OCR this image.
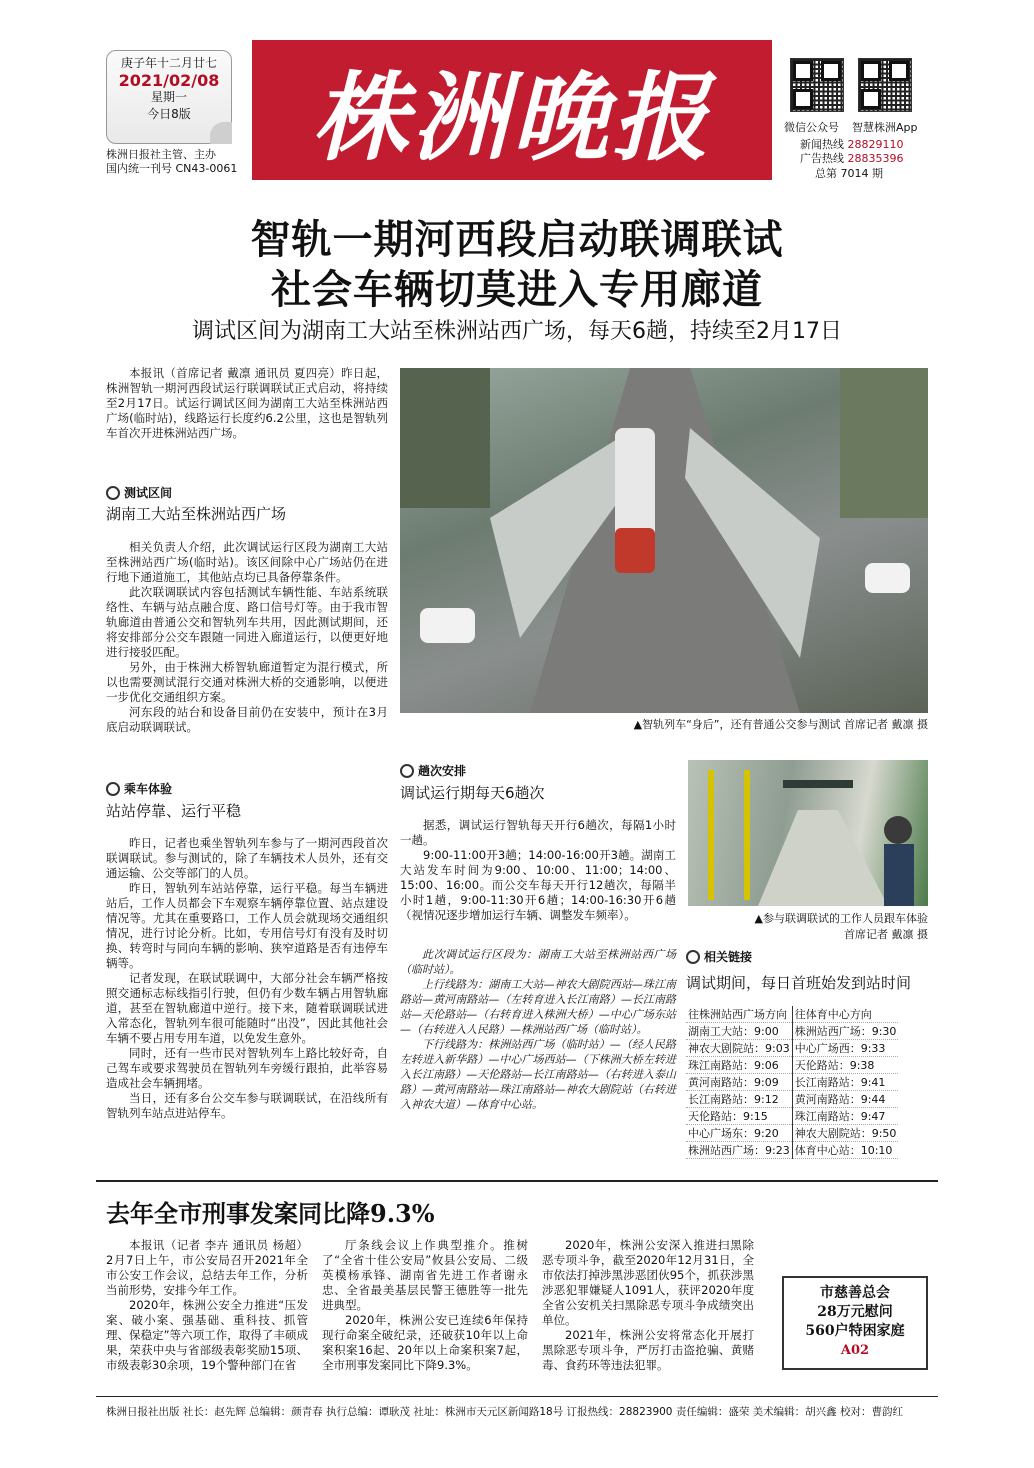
庚子年十二月廿七
2021/02/08
星期一
今日8版
株洲日报社主管、主办
国内统一刊号 CN43-0061 株洲晚报	微信公众号 智慧株洲App
新闻热线 28829110
广告热线 28835396
总第 7014 期
智轨一期河西段启动联调联试
社会车辆切莫进入专用廊道
调试区间为湖南工大站至株洲站西广场，每天6趟，持续至2月17日

本报讯（首席记者 戴凛 通讯员 夏四亮）昨日起，株洲智轨一期河西段试运行联调联试正式启动，将持续至2月17日。试运行调试区间为湖南工大站至株洲站西广场(临时站)，线路运行长度约6.2公里，这也是智轨列车首次开进株洲站西广场。

测试区间
湖南工大站至株洲站西广场

相关负责人介绍，此次调试运行区段为湖南工大站至株洲站西广场(临时站)。该区间除中心广场站仍在进行地下通道施工，其他站点均已具备停靠条件。

此次联调联试内容包括测试车辆性能、车站系统联络性、车辆与站点融合度、路口信号灯等。由于我市智轨廊道由普通公交和智轨列车共用，因此测试期间，还将安排部分公交车跟随一同进入廊道运行，以便更好地进行接驳匹配。

另外，由于株洲大桥智轨廊道暂定为混行模式，所以也需要测试混行交通对株洲大桥的交通影响，以便进一步优化交通组织方案。

河东段的站台和设备目前仍在安装中，预计在3月底启动联调联试。

乘车体验
站站停靠、运行平稳

昨日，记者也乘坐智轨列车参与了一期河西段首次联调联试。参与测试的，除了车辆技术人员外，还有交通运输、公交等部门的人员。

昨日，智轨列车站站停靠，运行平稳。每当车辆进站后，工作人员都会下车观察车辆停靠位置、站点建设情况等。尤其在重要路口，工作人员会就现场交通组织情况，进行讨论分析。比如，专用信号灯有没有及时切换、转弯时与同向车辆的影响、狭窄道路是否有违停车辆等。

记者发现，在联试联调中，大部分社会车辆严格按照交通标志标线指引行驶，但仍有少数车辆占用智轨廊道，甚至在智轨廊道中逆行。接下来，随着联调联试进入常态化，智轨列车很可能随时“出没”，因此其他社会车辆不要占用专用车道，以免发生意外。

同时，还有一些市民对智轨列车上路比较好奇，自己驾车或要求驾驶员在智轨列车旁缓行跟拍，此举容易造成社会车辆拥堵。

当日，还有多台公交车参与联调联试，在沿线所有智轨列车站点进站停车。

▲智轨列车“身后”，还有普通公交参与测试 首席记者 戴凛 摄
趟次安排
调试运行期每天6趟次

据悉，调试运行智轨每天开行6趟次，每隔1小时一趟。

9:00-11:00开3趟；14:00-16:00开3趟。湖南工大站发车时间为9:00、10:00、11:00；14:00、15:00、16:00。而公交车每天开行12趟次，每隔半小时1趟，9:00-11:30开6趟；14:00-16:30开6趟（视情况逐步增加运行车辆、调整发车频率）。

此次调试运行区段为：湖南工大站至株洲站西广场（临时站）。

上行线路为：湖南工大站—神农大剧院西站—珠江南路站—黄河南路站—（左转育进入长江南路）—长江南路站—天伦路站—（右转育进入株洲大桥）—中心广场东站—（右转进入人民路）—株洲站西广场（临时站）。

下行线路为：株洲站西广场（临时站）—（经人民路左转进入新华路）—中心广场西站—（下株洲大桥左转进入长江南路）—天伦路站—长江南路站—（右转进入泰山路）—黄河南路站—珠江南路站—神农大剧院站（右转进入神农大道）—体育中心站。

▲参与联调联试的工作人员跟车体验
首席记者 戴凛 摄
相关链接
调试期间，每日首班始发到站时间
往株洲站西广场方向	往体育中心方向
湖南工大站：9:00	株洲站西广场：9:30
神农大剧院站：9:03	中心广场西：9:33
珠江南路站：9:06	天伦路站：9:38
黄河南路站：9:09	长江南路站：9:41
长江南路站：9:12	黄河南路站：9:44
天伦路站：9:15	珠江南路站：9:47
中心广场东：9:20	神农大剧院站：9:50
株洲站西广场：9:23	体育中心站：10:10
去年全市刑事发案同比降9.3%

本报讯（记者 李卉 通讯员 杨超）2月7日上午，市公安局召开2021年全市公安工作会议，总结去年工作，分析当前形势，安排今年工作。

2020年，株洲公安全力推进“压发案、破小案、强基础、重科技、抓管理、保稳定”等六项工作，取得了丰硕成果，荣获中央与省部级表彰奖励15项、市级表彰30余项，19个警种部门在省

厅条线会议上作典型推介。推树了“全省十佳公安局”攸县公安局、二级英模杨承锋、湖南省先进工作者谢永忠、全省最美基层民警王德胜等一批先进典型。

2020年，株洲公安已连续6年保持现行命案全破纪录，还破获10年以上命案积案16起、20年以上命案积案7起，全市刑事发案同比下降9.3%。

2020年，株洲公安深入推进扫黑除恶专项斗争，截至2020年12月31日，全市依法打掉涉黑涉恶团伙95个，抓获涉黑涉恶犯罪嫌疑人1091人，获评2020年度全省公安机关扫黑除恶专项斗争成绩突出单位。

2021年，株洲公安将常态化开展打黑除恶专项斗争，严厉打击盗抢骗、黄赌毒、食药环等违法犯罪。

市慈善总会
28万元慰问
560户特困家庭
A02
株洲日报社出版 社长：赵先辉 总编辑：颜青春 执行总编：谭耿茂 社址：株洲市天元区新闻路18号 订报热线：28823900 责任编辑：盛荣 美术编辑：胡兴鑫 校对：曹韵红
